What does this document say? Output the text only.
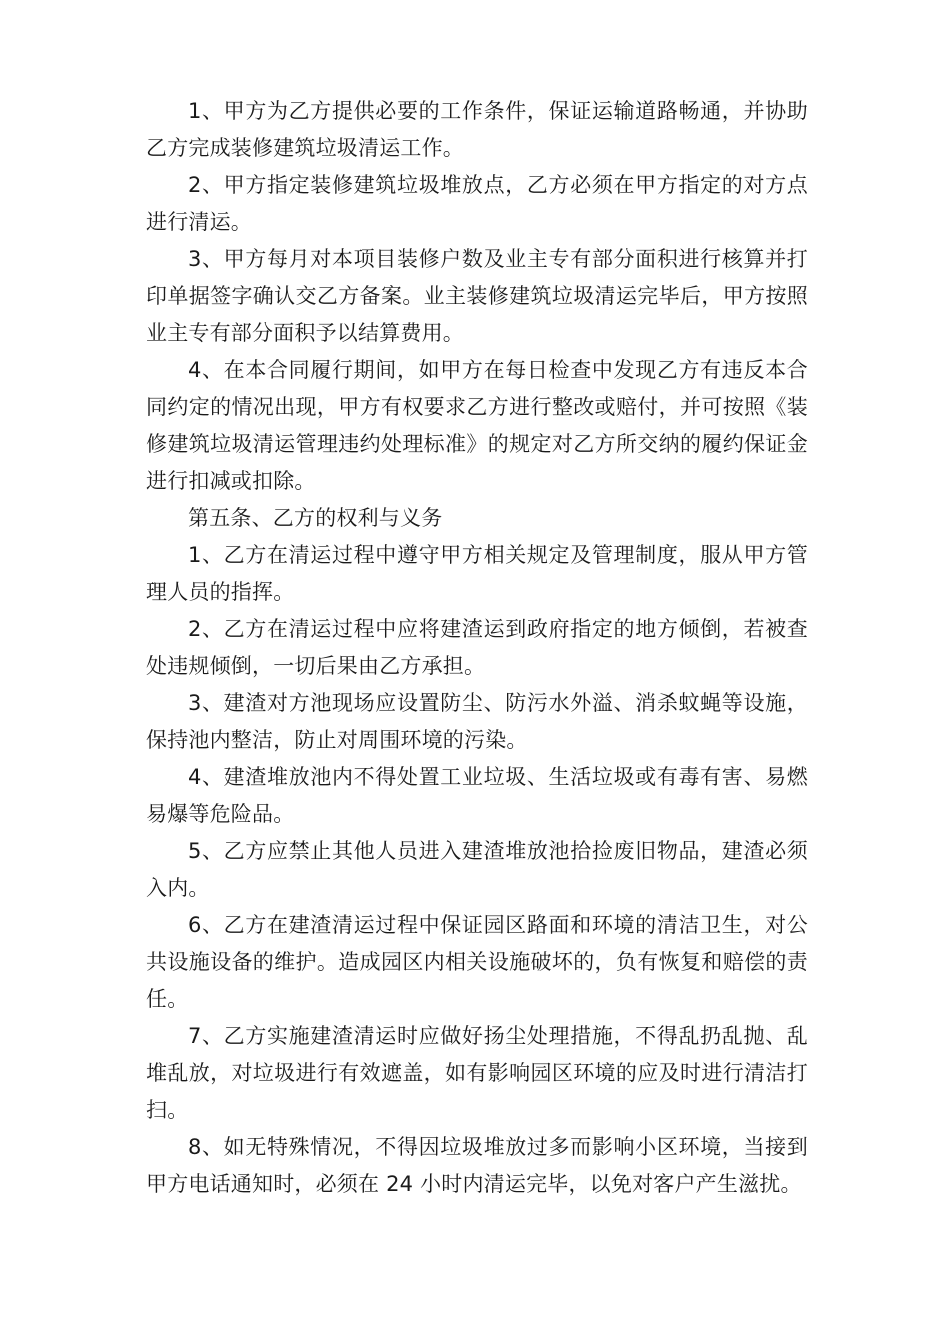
1、甲方为乙方提供必要的工作条件，保证运输道路畅通，并协助乙方完成装修建筑垃圾清运工作。

2、甲方指定装修建筑垃圾堆放点，乙方必须在甲方指定的对方点进行清运。

3、甲方每月对本项目装修户数及业主专有部分面积进行核算并打印单据签字确认交乙方备案。业主装修建筑垃圾清运完毕后，甲方按照业主专有部分面积予以结算费用。

4、在本合同履行期间，如甲方在每日检查中发现乙方有违反本合同约定的情况出现，甲方有权要求乙方进行整改或赔付，并可按照《装修建筑垃圾清运管理违约处理标准》的规定对乙方所交纳的履约保证金进行扣减或扣除。

第五条、乙方的权利与义务

1、乙方在清运过程中遵守甲方相关规定及管理制度，服从甲方管理人员的指挥。

2、乙方在清运过程中应将建渣运到政府指定的地方倾倒，若被查处违规倾倒，一切后果由乙方承担。

3、建渣对方池现场应设置防尘、防污水外溢、消杀蚊蝇等设施，保持池内整洁，防止对周围环境的污染。

4、建渣堆放池内不得处置工业垃圾、生活垃圾或有毒有害、易燃易爆等危险品。

5、乙方应禁止其他人员进入建渣堆放池拾捡废旧物品，建渣必须入内。

6、乙方在建渣清运过程中保证园区路面和环境的清洁卫生，对公共设施设备的维护。造成园区内相关设施破坏的，负有恢复和赔偿的责任。

7、乙方实施建渣清运时应做好扬尘处理措施，不得乱扔乱抛、乱堆乱放，对垃圾进行有效遮盖，如有影响园区环境的应及时进行清洁打扫。

8、如无特殊情况，不得因垃圾堆放过多而影响小区环境，当接到甲方电话通知时，必须在 24 小时内清运完毕，以免对客户产生滋扰。
